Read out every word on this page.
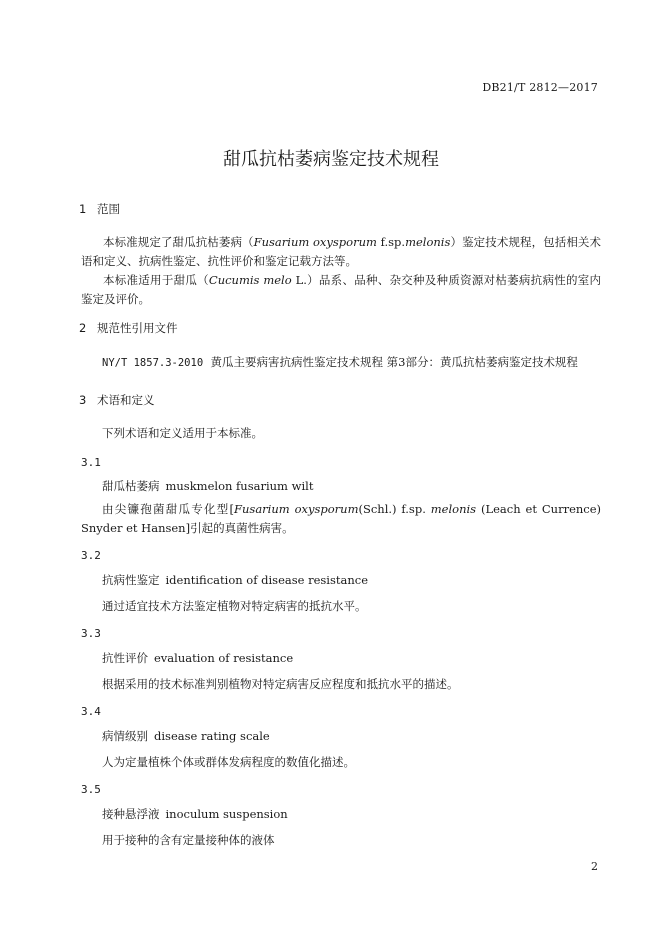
DB21/T 2812—2017
甜瓜抗枯萎病鉴定技术规程
1 范围

本标准规定了甜瓜抗枯萎病（Fusarium oxysporum f.sp.melonis）鉴定技术规程，包括相关术语和定义、抗病性鉴定、抗性评价和鉴定记载方法等。

本标准适用于甜瓜（Cucumis melo L.）品系、品种、杂交种及种质资源对枯萎病抗病性的室内鉴定及评价。

2 规范性引用文件
NY/T 1857.3-2010 黄瓜主要病害抗病性鉴定技术规程 第3部分：黄瓜抗枯萎病鉴定技术规程
3 术语和定义
下列术语和定义适用于本标准。
3.1
甜瓜枯萎病 muskmelon fusarium wilt

由尖镰孢菌甜瓜专化型[Fusarium oxysporum(Schl.) f.sp. melonis (Leach et Currence) Snyder et Hansen]引起的真菌性病害。

3.2
抗病性鉴定 identification of disease resistance
通过适宜技术方法鉴定植物对特定病害的抵抗水平。
3.3
抗性评价 evaluation of resistance
根据采用的技术标准判别植物对特定病害反应程度和抵抗水平的描述。
3.4
病情级别 disease rating scale
人为定量植株个体或群体发病程度的数值化描述。
3.5
接种悬浮液 inoculum suspension
用于接种的含有定量接种体的液体
2
